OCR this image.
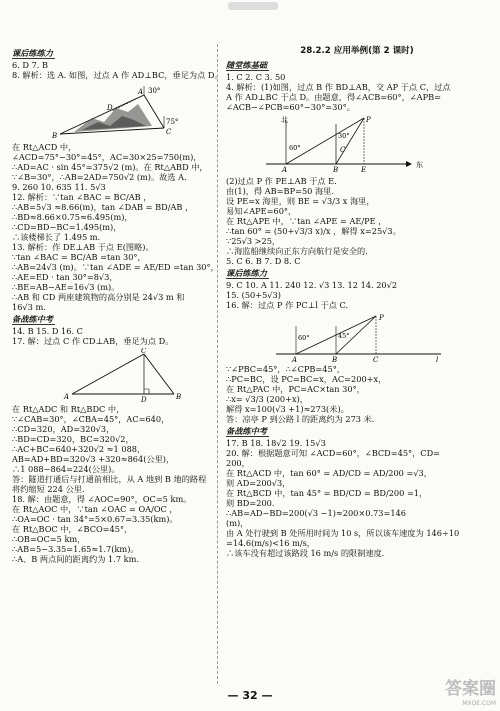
课后练练力
6. D 7. B
8. 解析：选 A. 如图，过点 A 作 AD⊥BC，垂足为点 D。
30°
75°
A
B	C
D
在 Rt△ACD 中，
∠ACD=75°−30°=45°，AC=30×25=750(m)，
∴AD=AC · sin 45°=375√2 (m)。在 Rt△ABD 中，
∵∠B=30°，∴AB=2AD=750√2 (m)。故选 A.
9. 260 10. 635 11. 5√3
12. 解析：∵tan ∠BAC = BC/AB ，
∴AB=5√3 ≈8.66(m)，tan ∠DAB = BD/AB ，
∴BD≈8.66×0.75≈6.495(m)，
∴CD=BD−BC=1.495(m)，
∴该楼梯长了 1.495 m.
13. 解析：作 DE⊥AB 于点 E(图略)。
∵tan ∠BAC = BC/AB =tan 30°，
∴AB=24√3 (m)。∵tan ∠ADE = AE/ED =tan 30°，
∴AE=ED · tan 30°=8√3，
∴BE=AB−AE=16√3 (m)。
∴AB 和 CD 两座建筑物的高分别是 24√3 m 和
16√3 m.
备战练中考
14. B 15. D 16. C
17. 解：过点 C 作 CD⊥AB，垂足为点 D。
A	B
C
D
在 Rt△ADC 和 Rt△BDC 中，
∵∠CAB=30°，∠CBA=45°，AC=640，
∴CD=320，AD=320√3，
∴BD=CD=320，BC=320√2，
∴AC+BC=640+320√2 ≈1 088，
AB=AD+BD=320√3 +320≈864(公里)，
∴1 088−864=224(公里)。
答：隧道打通后与打通前相比，从 A 地到 B 地的路程
将约缩短 224 公里.
18. 解：由题意，得 ∠AOC=90°，OC=5 km。
在 Rt△AOC 中，∵tan ∠OAC = OA/OC ，
∴OA=OC · tan 34°=5×0.67=3.35(km)。
在 Rt△BOC 中，∠BCO=45°，
∴OB=OC=5 km，
∴AB=5−3.35=1.65≈1.7(km)。
∴A、B 两点间的距离约为 1.7 km.
28.2.2 应用举例(第 2 课时)
随堂练基础
1. C 2. C 3. 50
4. 解析：(1)如图，过点 B 作 BD⊥AB，交 AP 于点 C，过点
A 作 AD⊥BC 于点 D。由题意，得∠ACB=60°，∠APB=
∠ACB−∠PCB=60°−30°=30°。
北
东
60°
30°
A	B
C
P
E
(2)过点 P 作 PE⊥AB 于点 E.
由(1)，得 AB=BP=50 海里.
设 PE=x 海里，则 BE = √3/3 x 海里，
易知∠APE=60°，
在 Rt△APE 中，∵tan ∠APE = AE/PE ，
∴tan 60° = (50+√3/3 x)/x ，解得 x=25√3。
∵25√3 >25，
∴海监船继续向正东方向航行是安全的.
5. C 6. B 7. D 8. C
课后练练力
9. C 10. A 11. 240 12. √3 13. 12 14. 20√2
15. (50+5√3)
16. 解：过点 P 作 PC⊥l 于点 C.
60°	45°
A	B	C
P
l
∵∠PBC=45°，∴∠CPB=45°，
∴PC=BC，设 PC=BC=x，AC=200+x，
在 Rt△PAC 中，PC=AC×tan 30°，
∴x= √3/3 (200+x)，
解得 x=100(√3 +1)≈273(米)。
答：凉亭 P 到公路 l 的距离约为 273 米.
备战练中考
17. B 18. 18√2 19. 15√3
20. 解：根据题意可知 ∠ACD=60°，∠BCD=45°，CD=
200，
在 Rt△ACD 中，tan 60° = AD/CD = AD/200 =√3，
则 AD=200√3，
在 Rt△BCD 中，tan 45° = BD/CD = BD/200 =1，
则 BD=200.
∴AB=AD−BD=200(√3 −1)≈200×0.73=146
(m)，
由 A 处行驶到 B 处所用时间为 10 s，所以该车速度为 146÷10
=14.6(m/s)<16 m/s，
∴该车没有超过该路段 16 m/s 的限制速度.
— 32 —	答案圈
MXQE.COM
